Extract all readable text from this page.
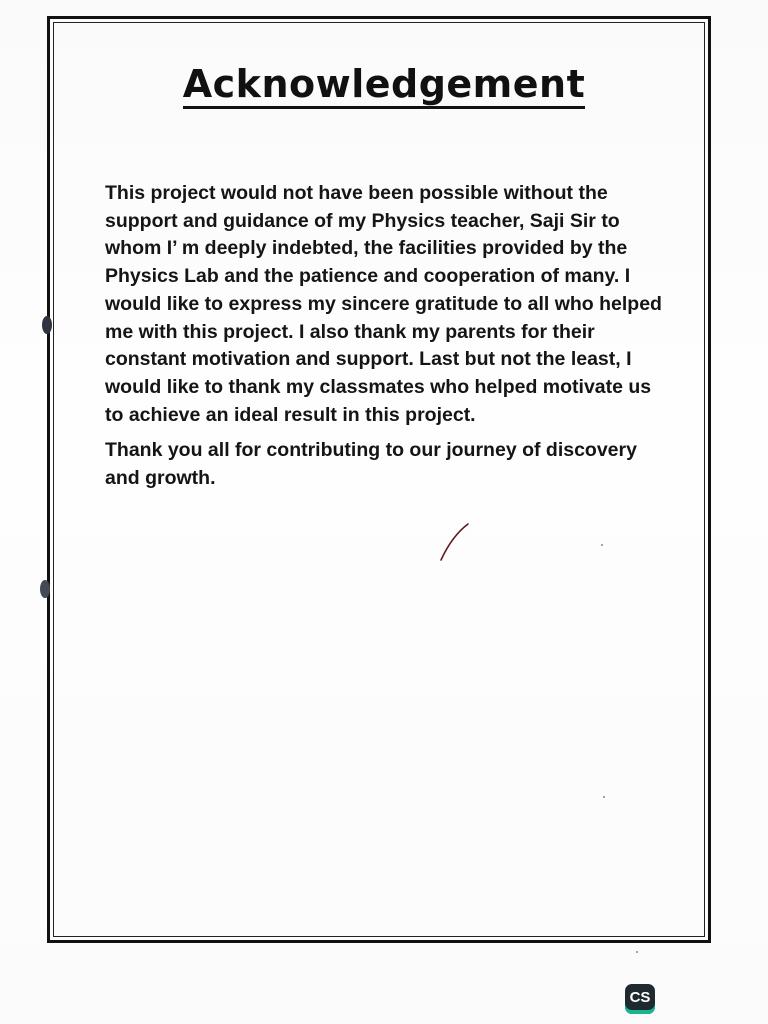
Acknowledgement

This project would not have been possible without the support and guidance of my Physics teacher, Saji Sir to whom I’ m deeply indebted, the facilities provided by the Physics Lab and the patience and cooperation of many. I would like to express my sincere gratitude to all who helped me with this project. I also thank my parents for their constant motivation and support. Last but not the least, I would like to thank my classmates who helped motivate us to achieve an ideal result in this project.

Thank you all for contributing to our journey of discovery and growth.

CS
